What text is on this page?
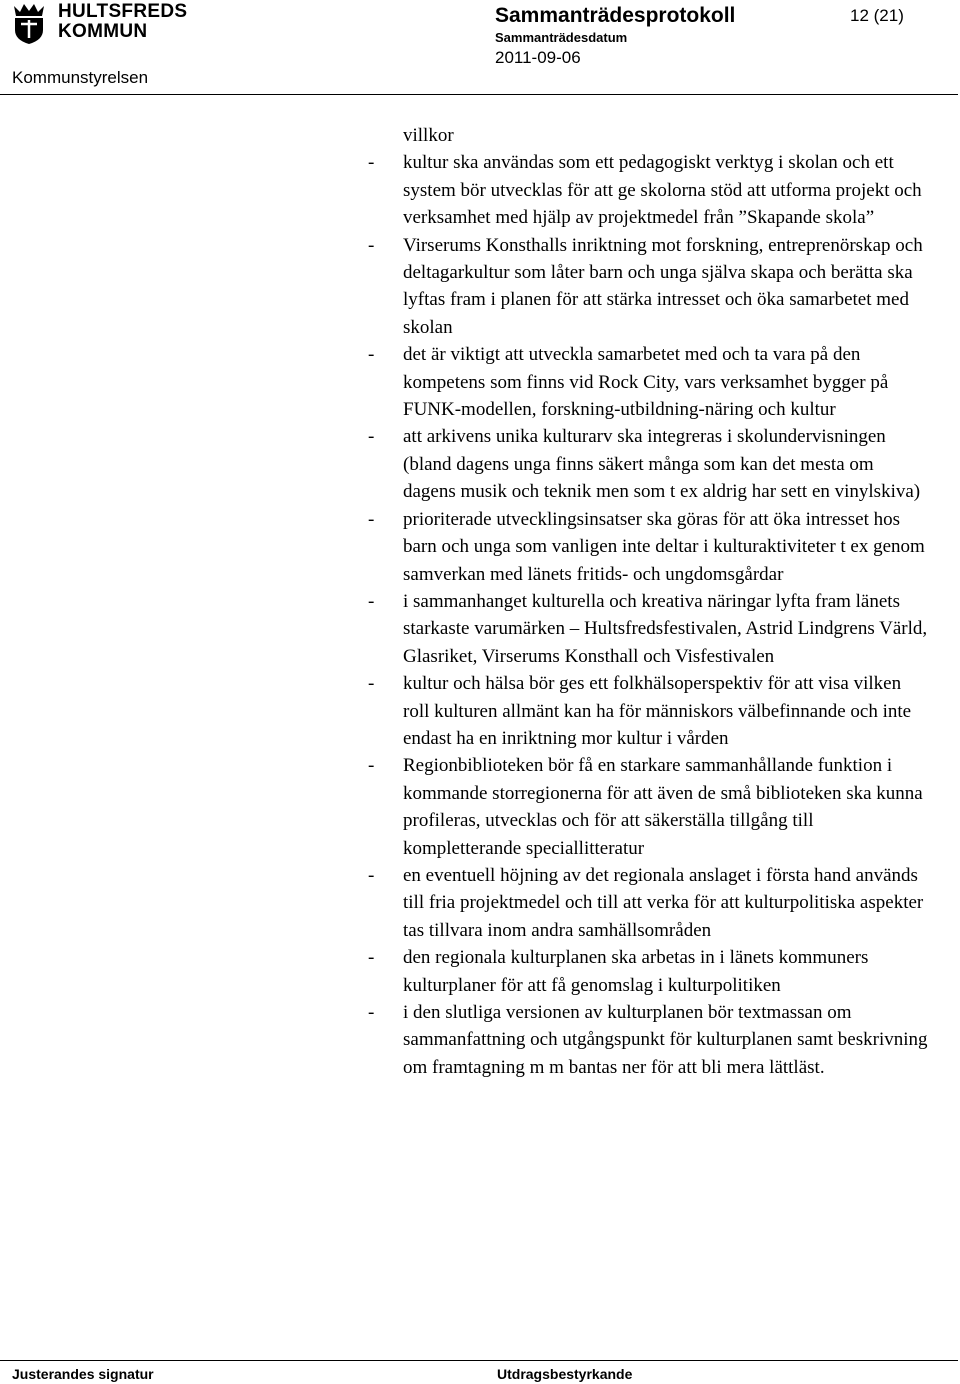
HULTSFREDS
KOMMUN
Kommunstyrelsen
Sammanträdesprotokoll
Sammanträdesdatum
2011-09-06
12 (21)
villkor
-	kultur ska användas som ett pedagogiskt verktyg i skolan och ett system bör utvecklas för att ge skolorna stöd att utforma projekt och verksamhet med hjälp av projektmedel från ”Skapande skola”
-	Virserums Konsthalls inriktning mot forskning, entreprenörskap och deltagarkultur som låter barn och unga själva skapa och berätta ska lyftas fram i planen för att stärka intresset och öka samarbetet med skolan
-	det är viktigt att utveckla samarbetet med och ta vara på den kompetens som finns vid Rock City, vars verksamhet bygger på FUNK-modellen, forskning-utbildning-näring och kultur
-	att arkivens unika kulturarv ska integreras i skolundervisningen (bland dagens unga finns säkert många som kan det mesta om dagens musik och teknik men som t ex aldrig har sett en vinylskiva)
-	prioriterade utvecklingsinsatser ska göras för att öka intresset hos barn och unga som vanligen inte deltar i kulturaktiviteter t ex genom samverkan med länets fritids- och ungdomsgårdar
-	i sammanhanget kulturella och kreativa näringar lyfta fram länets starkaste varumärken – Hultsfredsfestivalen, Astrid Lindgrens Värld, Glasriket, Virserums Konsthall och Visfestivalen
-	kultur och hälsa bör ges ett folkhälsoperspektiv för att visa vilken roll kulturen allmänt kan ha för människors välbefinnande och inte endast ha en inriktning mor kultur i vården
-	Regionbiblioteken bör få en starkare sammanhållande funktion i kommande storregionerna för att även de små biblioteken ska kunna profileras, utvecklas och för att säkerställa tillgång till kompletterande speciallitteratur
-	en eventuell höjning av det regionala anslaget i första hand används till fria projektmedel och till att verka för att kulturpolitiska aspekter tas tillvara inom andra samhällsområden
-	den regionala kulturplanen ska arbetas in i länets kommuners kulturplaner för att få genomslag i kulturpolitiken
-	i den slutliga versionen av kulturplanen bör textmassan om sammanfattning och utgångspunkt för kulturplanen samt beskrivning om framtagning m m bantas ner för att bli mera lättläst.
Justerandes signatur	Utdragsbestyrkande
